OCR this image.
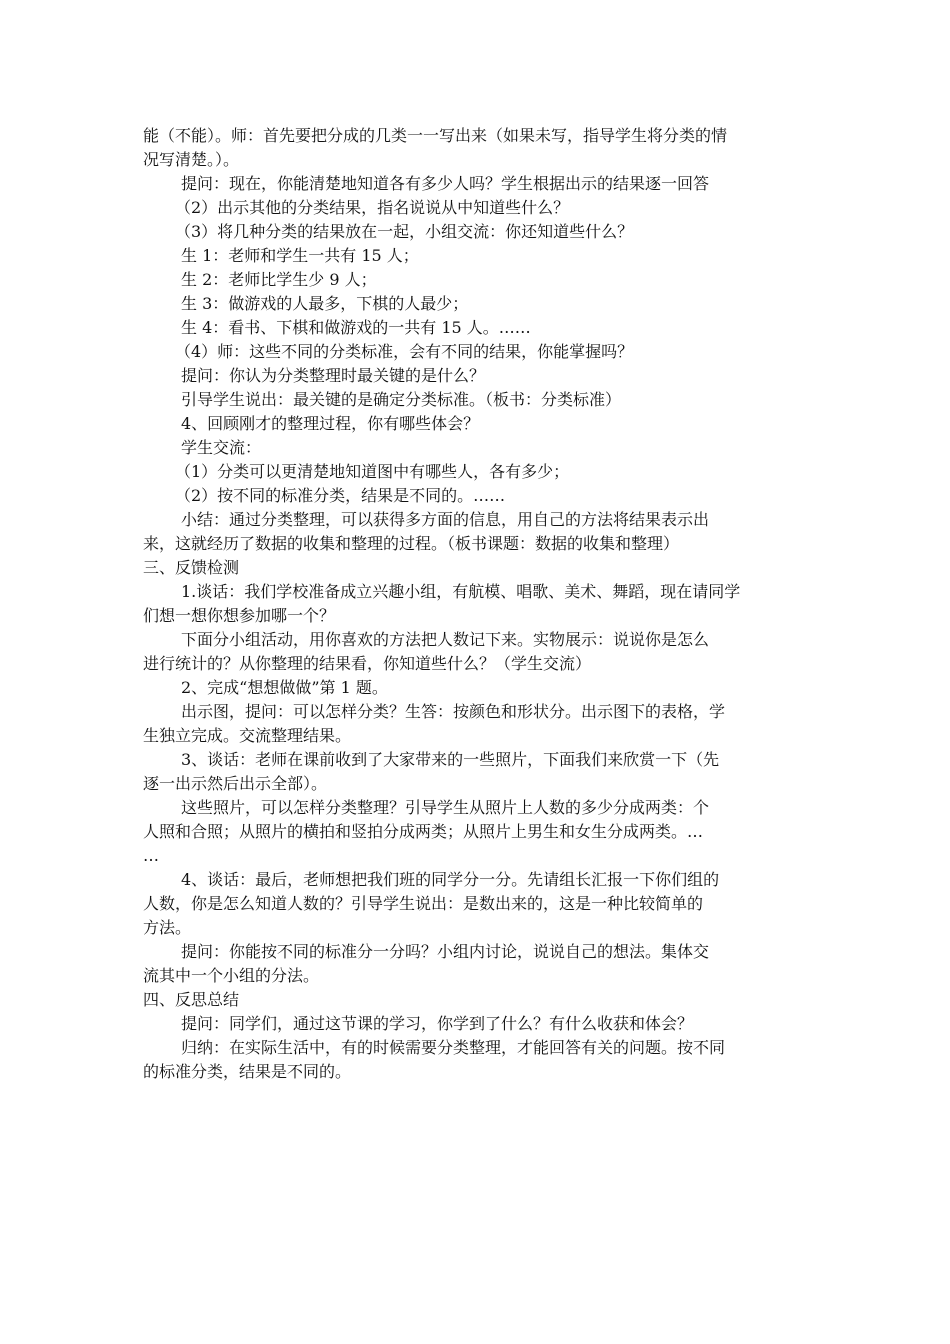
能（不能）。师：首先要把分成的几类一一写出来（如果未写，指导学生将分类的情
况写清楚。）。
提问：现在，你能清楚地知道各有多少人吗？学生根据出示的结果逐一回答
（2）出示其他的分类结果，指名说说从中知道些什么？
（3）将几种分类的结果放在一起，小组交流：你还知道些什么？
生 1：老师和学生一共有 15 人；
生 2：老师比学生少 9 人；
生 3：做游戏的人最多，下棋的人最少；
生 4：看书、下棋和做游戏的一共有 15 人。……
（4）师：这些不同的分类标准，会有不同的结果，你能掌握吗？
提问：你认为分类整理时最关键的是什么？
引导学生说出：最关键的是确定分类标准。（板书：分类标准）
4、回顾刚才的整理过程，你有哪些体会？
学生交流：
（1）分类可以更清楚地知道图中有哪些人，各有多少；
（2）按不同的标准分类，结果是不同的。……
小结：通过分类整理，可以获得多方面的信息，用自己的方法将结果表示出
来，这就经历了数据的收集和整理的过程。（板书课题：数据的收集和整理）
三、反馈检测
1.谈话：我们学校准备成立兴趣小组，有航模、唱歌、美术、舞蹈，现在请同学
们想一想你想参加哪一个？
下面分小组活动，用你喜欢的方法把人数记下来。实物展示：说说你是怎么
进行统计的？从你整理的结果看，你知道些什么？（学生交流）
2、完成“想想做做”第 1 题。
出示图，提问：可以怎样分类？生答：按颜色和形状分。出示图下的表格，学
生独立完成。交流整理结果。
3、谈话：老师在课前收到了大家带来的一些照片，下面我们来欣赏一下（先
逐一出示然后出示全部）。
这些照片，可以怎样分类整理？引导学生从照片上人数的多少分成两类：个
人照和合照；从照片的横拍和竖拍分成两类；从照片上男生和女生分成两类。…
…
4、谈话：最后，老师想把我们班的同学分一分。先请组长汇报一下你们组的
人数，你是怎么知道人数的？引导学生说出：是数出来的，这是一种比较简单的
方法。
提问：你能按不同的标准分一分吗？小组内讨论，说说自己的想法。集体交
流其中一个小组的分法。
四、反思总结
提问：同学们，通过这节课的学习，你学到了什么？有什么收获和体会？
归纳：在实际生活中，有的时候需要分类整理，才能回答有关的问题。按不同
的标准分类，结果是不同的。
